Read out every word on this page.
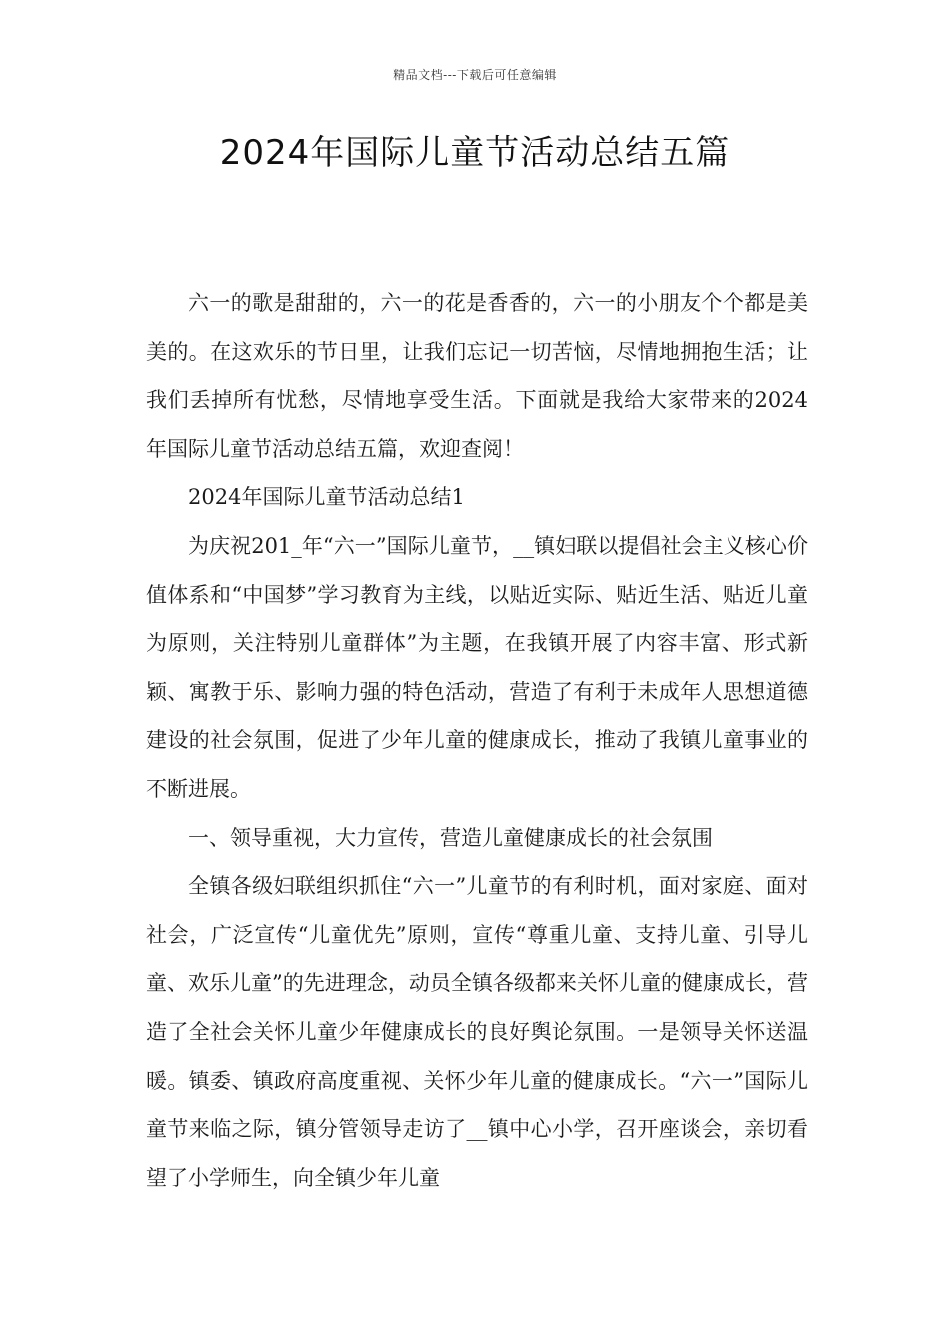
精品文档---下载后可任意编辑
2024年国际儿童节活动总结五篇

六一的歌是甜甜的，六一的花是香香的，六一的小朋友个个都是美美的。在这欢乐的节日里，让我们忘记一切苦恼，尽情地拥抱生活；让我们丢掉所有忧愁，尽情地享受生活。下面就是我给大家带来的2024年国际儿童节活动总结五篇，欢迎查阅！

2024年国际儿童节活动总结1

为庆祝201_年“六一”国际儿童节，__镇妇联以提倡社会主义核心价值体系和“中国梦”学习教育为主线，以贴近实际、贴近生活、贴近儿童为原则，关注特别儿童群体”为主题，在我镇开展了内容丰富、形式新颖、寓教于乐、影响力强的特色活动，营造了有利于未成年人思想道德建设的社会氛围，促进了少年儿童的健康成长，推动了我镇儿童事业的不断进展。

一、领导重视，大力宣传，营造儿童健康成长的社会氛围

全镇各级妇联组织抓住“六一”儿童节的有利时机，面对家庭、面对社会，广泛宣传“儿童优先”原则，宣传“尊重儿童、支持儿童、引导儿童、欢乐儿童”的先进理念，动员全镇各级都来关怀儿童的健康成长，营造了全社会关怀儿童少年健康成长的良好舆论氛围。一是领导关怀送温暖。镇委、镇政府高度重视、关怀少年儿童的健康成长。“六一”国际儿童节来临之际，镇分管领导走访了__镇中心小学，召开座谈会，亲切看望了小学师生，向全镇少年儿童
